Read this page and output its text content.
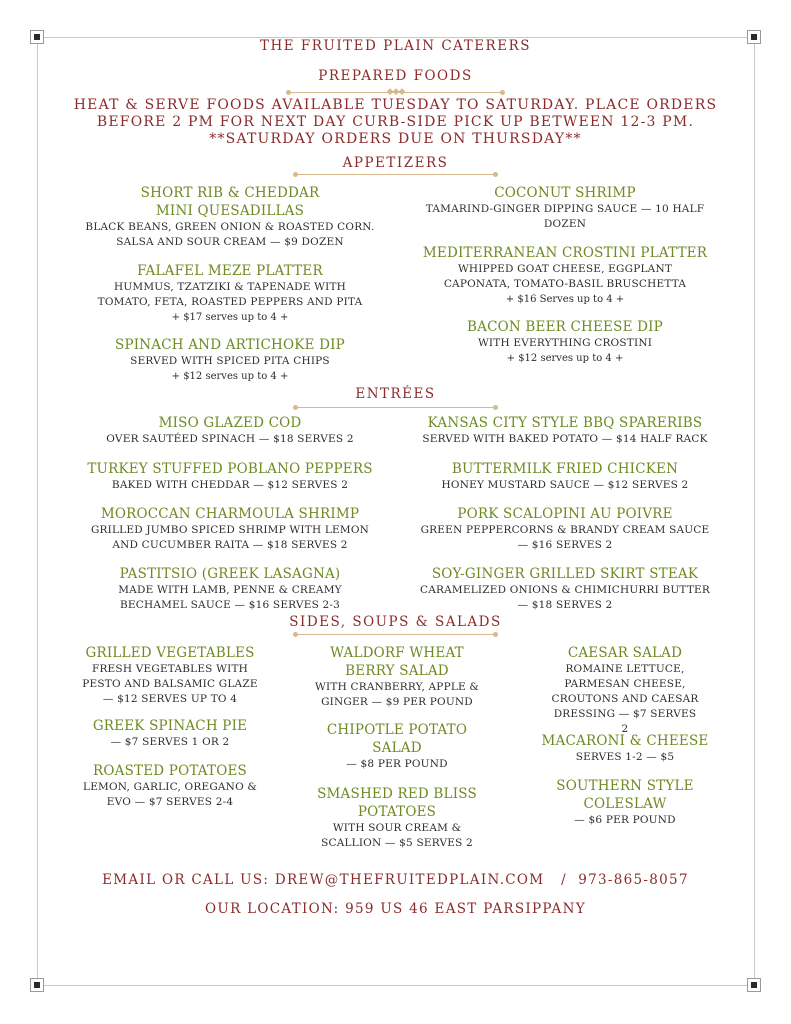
THE FRUITED PLAIN CATERERS
PREPARED FOODS
◆◆◆
HEAT & SERVE FOODS AVAILABLE TUESDAY TO SATURDAY. PLACE ORDERS
BEFORE 2 PM FOR NEXT DAY CURB-SIDE PICK UP BETWEEN 12-3 PM.
**SATURDAY ORDERS DUE ON THURSDAY**
APPETIZERS
SHORT RIB & CHEDDAR MINI QUESADILLAS
BLACK BEANS, GREEN ONION & ROASTED CORN. SALSA AND SOUR CREAM — $9 DOZEN
FALAFEL MEZE PLATTER
HUMMUS, TZATZIKI & TAPENADE WITH TOMATO, FETA, ROASTED PEPPERS AND PITA
+ $17 serves up to 4 +
SPINACH AND ARTICHOKE DIP
SERVED WITH SPICED PITA CHIPS
+ $12 serves up to 4 +
COCONUT SHRIMP
TAMARIND-GINGER DIPPING SAUCE — 10 HALF DOZEN
MEDITERRANEAN CROSTINI PLATTER
WHIPPED GOAT CHEESE, EGGPLANT CAPONATA, TOMATO-BASIL BRUSCHETTA
+ $16 Serves up to 4 +
BACON BEER CHEESE DIP
WITH EVERYTHING CROSTINI
+ $12 serves up to 4 +
ENTRÉES
MISO GLAZED COD
OVER SAUTÉED SPINACH — $18 SERVES 2
TURKEY STUFFED POBLANO PEPPERS
BAKED WITH CHEDDAR — $12 SERVES 2
MOROCCAN CHARMOULA SHRIMP
GRILLED JUMBO SPICED SHRIMP WITH LEMON AND CUCUMBER RAITA — $18 SERVES 2
PASTITSIO (GREEK LASAGNA)
MADE WITH LAMB, PENNE & CREAMY BECHAMEL SAUCE — $16 SERVES 2-3
KANSAS CITY STYLE BBQ SPARERIBS
SERVED WITH BAKED POTATO — $14 HALF RACK
BUTTERMILK FRIED CHICKEN
HONEY MUSTARD SAUCE — $12 SERVES 2
PORK SCALOPINI AU POIVRE
GREEN PEPPERCORNS & BRANDY CREAM SAUCE — $16 SERVES 2
SOY-GINGER GRILLED SKIRT STEAK
CARAMELIZED ONIONS & CHIMICHURRI BUTTER — $18 SERVES 2
SIDES, SOUPS & SALADS
GRILLED VEGETABLES
FRESH VEGETABLES WITH PESTO AND BALSAMIC GLAZE — $12 SERVES UP TO 4
GREEK SPINACH PIE
— $7 SERVES 1 OR 2
ROASTED POTATOES
LEMON, GARLIC, OREGANO & EVO — $7 SERVES 2-4
WALDORF WHEAT BERRY SALAD
WITH CRANBERRY, APPLE & GINGER — $9 PER POUND
CHIPOTLE POTATO SALAD
— $8 PER POUND
SMASHED RED BLISS POTATOES
WITH SOUR CREAM & SCALLION — $5 SERVES 2
CAESAR SALAD
ROMAINE LETTUCE, PARMESAN CHEESE, CROUTONS AND CAESAR DRESSING — $7 SERVES 2
MACARONI & CHEESE
SERVES 1-2 — $5
SOUTHERN STYLE COLESLAW
— $6 PER POUND
EMAIL OR CALL US: DREW@THEFRUITEDPLAIN.COM   /  973-865-8057
OUR LOCATION: 959 US 46 EAST PARSIPPANY
